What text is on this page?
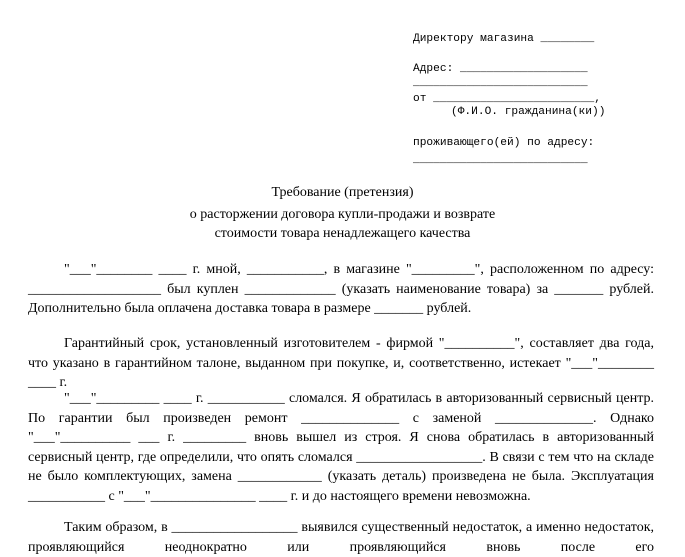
Директору магазина ________
Адрес: ___________________
__________________________
от ________________________,
(Ф.И.О. гражданина(ки))
проживающего(ей) по адресу:
__________________________
Требование (претензия)
о расторжении договора купли-продажи и возврате
стоимости товара ненадлежащего качества
"___"________ ____ г. мной, ___________, в магазине "_________", расположенном по адресу: ___________________ был куплен _____________ (указать наименование товара) за _______ рублей. Дополнительно была оплачена доставка товара в размере _______ рублей.
Гарантийный срок, установленный изготовителем - фирмой "__________", составляет два года, что указано в гарантийном талоне, выданном при покупке, и, соответственно, истекает "___"________ ____ г.
"___"_________ ____ г. ___________ сломался. Я обратилась в авторизованный сервисный центр. По гарантии был произведен ремонт ______________ с заменой ______________. Однако "___"__________ ___ г. _________ вновь вышел из строя. Я снова обратилась в авторизованный сервисный центр, где определили, что опять сломался __________________. В связи с тем что на складе не было комплектующих, замена ____________ (указать деталь) произведена не была. Эксплуатация ___________ с "___"_______________ ____ г. и до настоящего времени невозможна.
Таким образом, в __________________ выявился существенный недостаток, а именно недостаток, проявляющийся неоднократно или проявляющийся вновь после его
